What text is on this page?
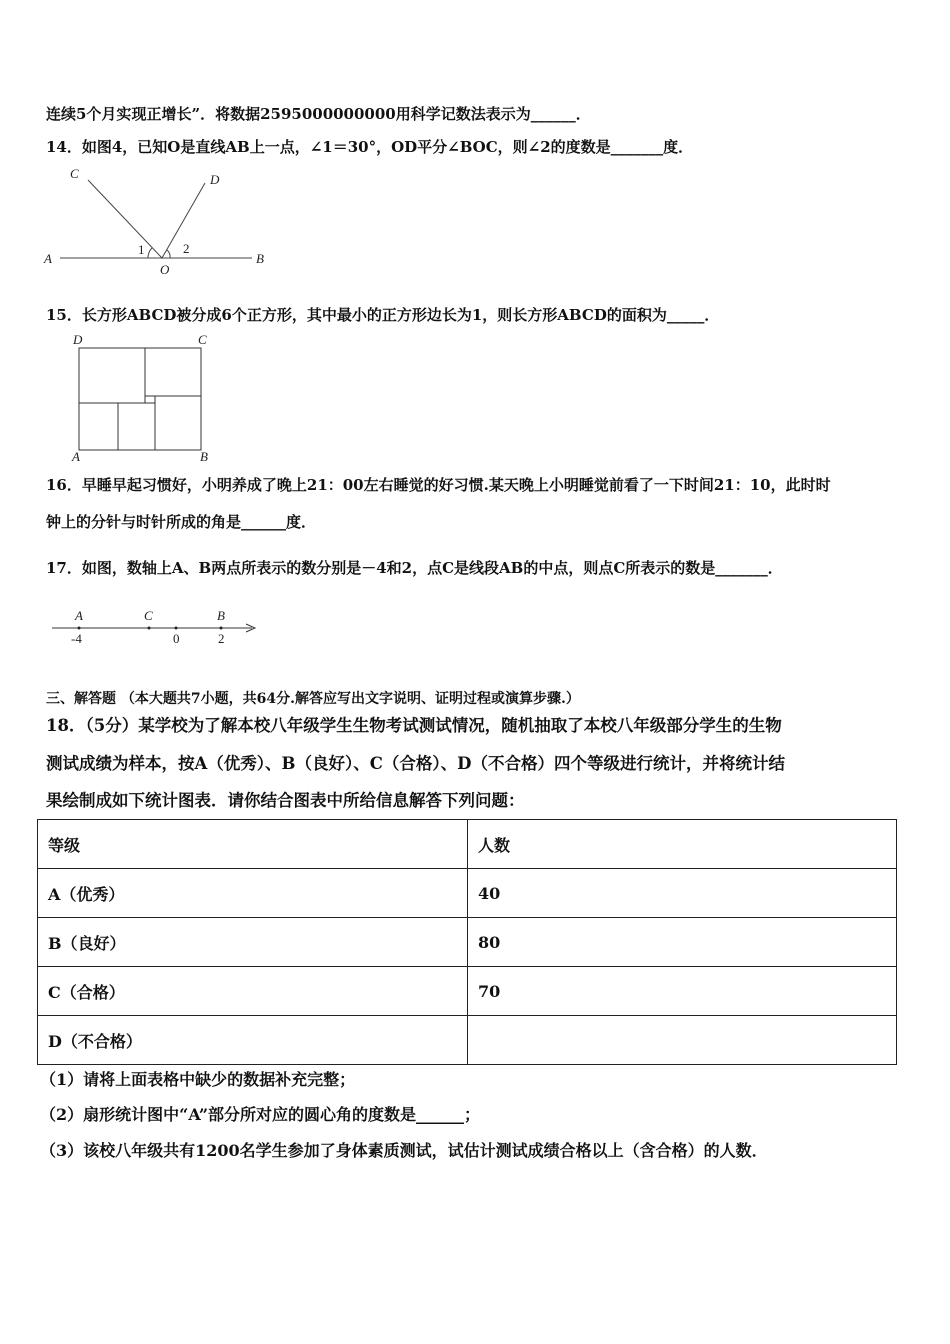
连续5个月实现正增长”．将数据2595000000000用科学记数法表示为______．
14．如图4，已知O是直线AB上一点，∠1＝30°，OD平分∠BOC，则∠2的度数是_______度．
A	B
C	D
O
1	2
15．长方形ABCD被分成6个正方形，其中最小的正方形边长为1，则长方形ABCD的面积为_____．
D	C
A	B
16．早睡早起习惯好，小明养成了晚上21：00左右睡觉的好习惯.某天晚上小明睡觉前看了一下时间21：10，此时时
钟上的分针与时针所成的角是______度．
17．如图，数轴上A、B两点所表示的数分别是－4和2，点C是线段AB的中点，则点C所表示的数是_______．
A	C	B
-4	0	2
三、解答题 （本大题共7小题，共64分.解答应写出文字说明、证明过程或演算步骤.）
18．（5分）某学校为了解本校八年级学生生物考试测试情况，随机抽取了本校八年级部分学生的生物
测试成绩为样本，按A（优秀）、B（良好）、C（合格）、D（不合格）四个等级进行统计，并将统计结
果绘制成如下统计图表．请你结合图表中所给信息解答下列问题：
等级	人数
A（优秀）	40
B（良好）	80
C（合格）	70
D（不合格）	
（1）请将上面表格中缺少的数据补充完整；
（2）扇形统计图中“A”部分所对应的圆心角的度数是______；
（3）该校八年级共有1200名学生参加了身体素质测试，试估计测试成绩合格以上（含合格）的人数．
